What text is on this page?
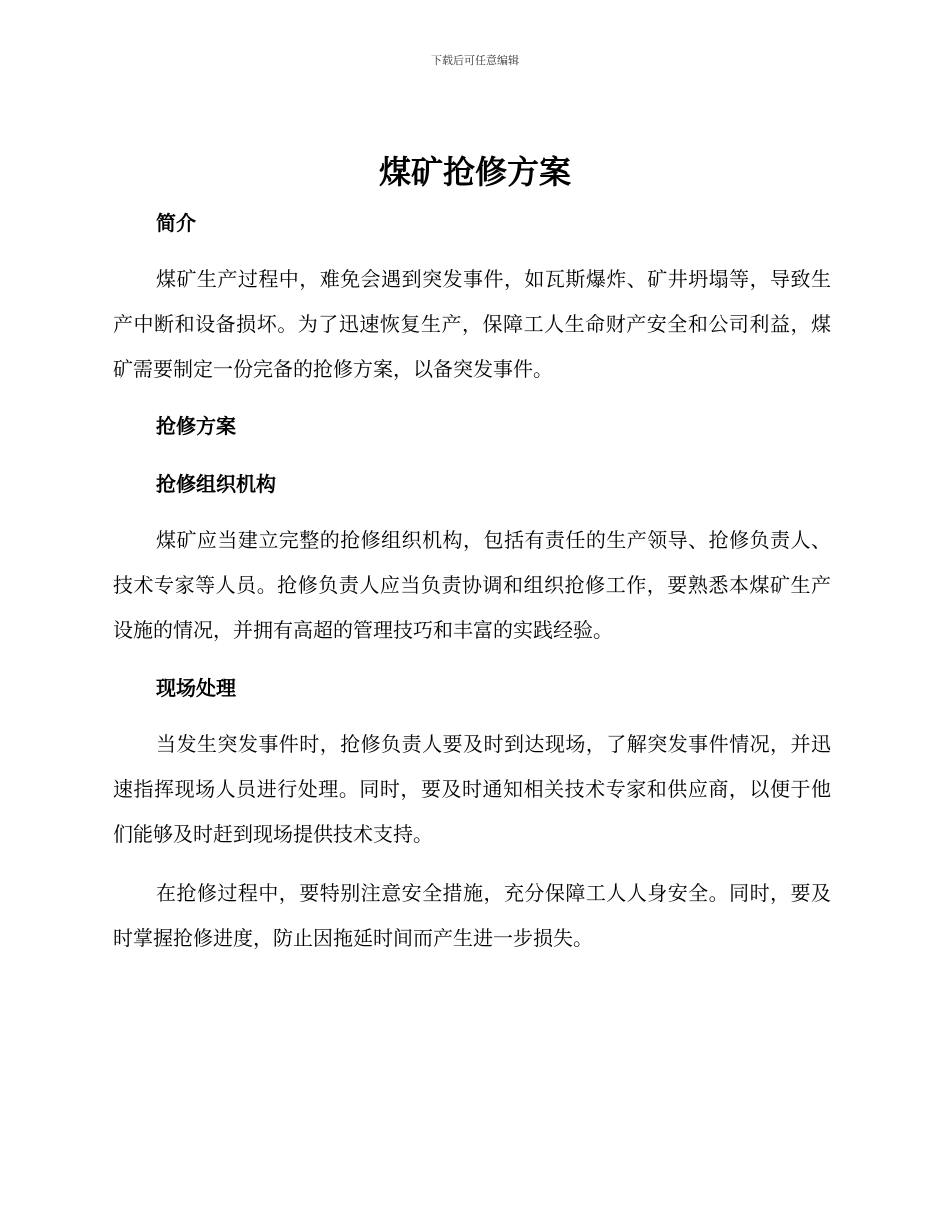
下载后可任意编辑
煤矿抢修方案
简介

煤矿生产过程中，难免会遇到突发事件，如瓦斯爆炸、矿井坍塌等，导致生产中断和设备损坏。为了迅速恢复生产，保障工人生命财产安全和公司利益，煤矿需要制定一份完备的抢修方案，以备突发事件。

抢修方案
抢修组织机构

煤矿应当建立完整的抢修组织机构，包括有责任的生产领导、抢修负责人、技术专家等人员。抢修负责人应当负责协调和组织抢修工作，要熟悉本煤矿生产设施的情况，并拥有高超的管理技巧和丰富的实践经验。

现场处理

当发生突发事件时，抢修负责人要及时到达现场，了解突发事件情况，并迅速指挥现场人员进行处理。同时，要及时通知相关技术专家和供应商，以便于他们能够及时赶到现场提供技术支持。

在抢修过程中，要特别注意安全措施，充分保障工人人身安全。同时，要及时掌握抢修进度，防止因拖延时间而产生进一步损失。
